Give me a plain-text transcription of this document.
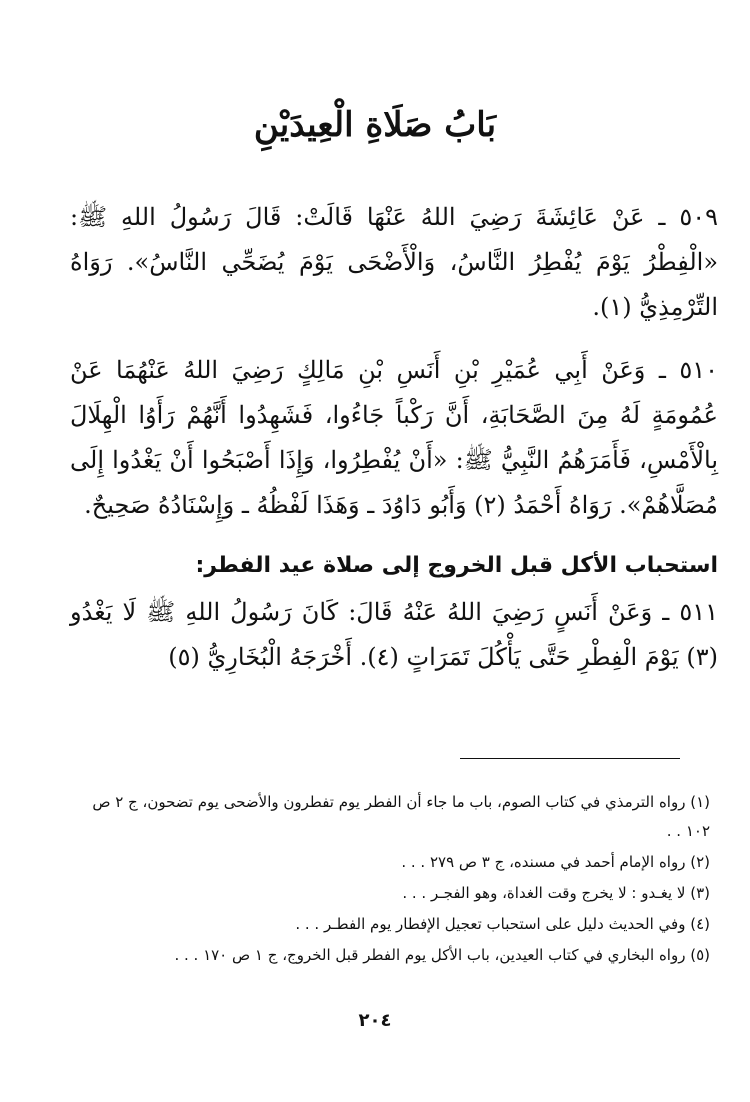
بَابُ صَلَاةِ الْعِيدَيْنِ

٥٠٩ ـ عَنْ عَائِشَةَ رَضِيَ اللهُ عَنْهَا قَالَتْ: قَالَ رَسُولُ اللهِ ﷺ: «الْفِطْرُ يَوْمَ يُفْطِرُ النَّاسُ، وَالْأَضْحَى يَوْمَ يُضَحِّي النَّاسُ». رَوَاهُ التِّرْمِذِيُّ (١).

٥١٠ ـ وَعَنْ أَبِي عُمَيْرِ بْنِ أَنَسِ بْنِ مَالِكٍ رَضِيَ اللهُ عَنْهُمَا عَنْ عُمُومَةٍ لَهُ مِنَ الصَّحَابَةِ، أَنَّ رَكْباً جَاءُوا، فَشَهِدُوا أَنَّهُمْ رَأَوُا الْهِلَالَ بِالْأَمْسِ، فَأَمَرَهُمُ النَّبِيُّ ﷺ: «أَنْ يُفْطِرُوا، وَإِذَا أَصْبَحُوا أَنْ يَغْدُوا إِلَى مُصَلَّاهُمْ». رَوَاهُ أَحْمَدُ (٢) وَأَبُو دَاوُدَ ـ وَهَذَا لَفْظُهُ ـ وَإِسْنَادُهُ صَحِيحٌ.

استحباب الأكل قبل الخروج إلى صلاة عيد الفطر:

٥١١ ـ وَعَنْ أَنَسٍ رَضِيَ اللهُ عَنْهُ قَالَ: كَانَ رَسُولُ اللهِ ﷺ لَا يَغْدُو (٣) يَوْمَ الْفِطْرِ حَتَّى يَأْكُلَ تَمَرَاتٍ (٤). أَخْرَجَهُ الْبُخَارِيُّ (٥)

(١) رواه الترمذي في كتاب الصوم، باب ما جاء أن الفطر يوم تفطرون والأضحى يوم تضحون، ج ٢ ص ١٠٢ . .
(٢) رواه الإمام أحمد في مسنده، ج ٣ ص ٢٧٩ . . .
(٣) لا يغـدو : لا يخرج وقت الغداة، وهو الفجـر . . .
(٤) وفي الحديث دليل على استحباب تعجيل الإفطار يوم الفطـر . . .
(٥) رواه البخاري في كتاب العيدين، باب الأكل يوم الفطر قبل الخروج، ج ١ ص ١٧٠ . . .
٢٠٤
